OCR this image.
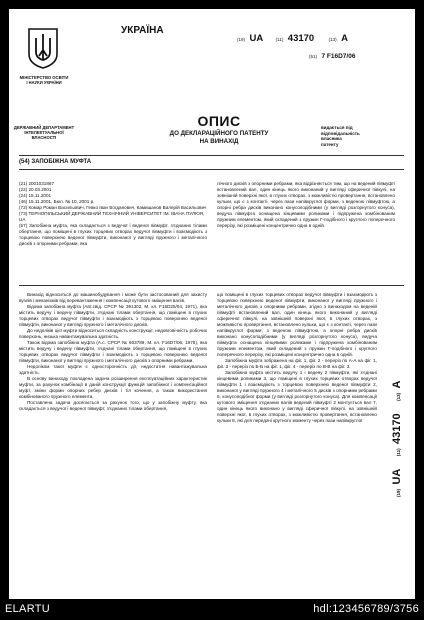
УКРАЇНА
МІНІСТЕРСТВО ОСВІТИ
І НАУКИ УКРАЇНИ
ДЕРЖАВНИЙ ДЕПАРТАМЕНТ
ІНТЕЛЕКТУАЛЬНОЇ
ВЛАСНОСТІ
(19) UA	(11) 43170	(13) A
(51) 7 F16D7/06
ОПИС
ДО ДЕКЛАРАЦІЙНОГО ПАТЕНТУ
НА ВИНАХІД
видається під
відповідальність
власника
патенту
(54) ЗАПОБІЖНА МУФТА
(21) 2001031867
(22) 20.03.2001
(24) 15.11.2001
(46) 15.11.2001, Бюл. № 10, 2001 р.
(72) Комар Роман Васильович, Гевко Іван Богданович, Камишанов Валерій Васильович
(73) ТЕРНОПІЛЬСЬКИЙ ДЕРЖАВНИЙ ТЕХНІЧНИЙ УНІВЕРСИТЕТ ІМ. ІВАНА ПУЛЮЯ, UA
(57) Запобіжна муфта, яка складається з ведучої і веденої півмуфт, з'єднаних тілами обертання, що поміщені в глухих торцевих отворах ведучої півмуфти і взаємодіють з торцевою поверхнею веденої півмуфти, виконаної у вигляді пружного і металічного дисків з опорними ребрами, яка
лічного дисків з опорними ребрами, яка відрізняється тим, що на ведений півмуфті встановлений вал, один кінець якого виконаний у вигляді сферичної півкулі, на зовнішній поверхні якої, в глухих отворах, з можливістю провертання, встановлено кульки, що є з контакті, через пази напівкруглої форми, з веденою півмуфтою, а опорні ребра дисків виконано конусоподібними (у вигляді розгорнутого конуса), ведуча півмуфта оснащена кінцевими роликами і підпружена комбінованим пружним елементом, який складений з пружин Г-подібного і круглого поперечного перерізу, які розміщені концентрично одна в одній.

Винахід відноситься до машинобудування і може бути застосований для захисту вузлів і механізмів від перевантаження і компенсації кутового зміщення валів.

Відома запобіжна муфта (Авт.свід. СРСР № 391302, М. кл. F16D25/04, 1971), яка містить ведучу і ведену півмуфти, з'єднані тілами обертання, що поміщені в глухих торцевих отворах ведучої півмуфти і взаємодіють з торцевою поверхнею веденої півмуфти, виконаної у вигляді пружного і металічного дисків.

До недоліків цієї муфти відноситься складність конструкції, недовговічність робочих поверхонь, низька навантажувальна здатність.

Також відома запобіжна муфта (А.с. СРСР № 603789, М. кл. F16D7/06, 1978), яка містить ведучу і ведену півмуфти, з'єднані тілами обертання, що поміщені в глухих торцевих отворах ведучої півмуфти і взаємодіють з торцевою поверхнею веденої півмуфти, виконаної у вигляді пружного і металічного дисків з опорними ребрами.

Недоліком такої муфти є односторонність дії, недостатня навантажувальна здатність.

В основу винаходу покладена задача розширення експлуатаційних характеристик муфти, за рахунок комбінації в даній конструкції функцій запобіжної і компенсаційної муфт, зміни форми опорних ребер дисків і тіл кочення, а також використання комбінованого пружного елемента.

Поставлена задача досягається за рахунок того, що у запобіжну муфту, яка складається з ведучої і веденої півмуфт, з'єднаних тілами обертання,

що поміщені в глухих торцевих отворах ведучої півмуфти і взаємодіють з торцевою поверхнею веденої півмуфти, виконаної у вигляді пружного і металічного дисків з опорними ребрами, згідно з винаходом на веденій півмуфті встановлений вал, один кінець якого виконаний у вигляді сферичної півкулі, на зовнішній поверхні якої, в глухих отворах, з можливістю провертання, встановлено кульки, що є з контакті, через пази напівкруглої форми, з веденою півмуфтою, а опорні ребра дисків виконано конусоподібними (у вигляді розгорнутого конуса), ведуча півмуфта оснащена кінцевими роликами і підпружена комбінованим пружним елементом, який складений з пружин Г-подібного і круглого поперечного перерізу, які розміщені концентрично одна в одній.

Запобіжна муфта зображена на фіг. 1, фіг. 2 - переріз по А-А на фіг. 1, фіг. 3 - переріз по Б-Б на фіг. 1, фіг. 4 - переріз по В-В на фіг. 3.

Запобіжна муфта містить ведучу 1 і ведену 2 півмуфти, які з'єднані кінцевими роликами 3, що поміщені в глухих торцевих отворах ведучої півмуфти 1 і взаємодіють з торцевою поверхнею веденої півмуфти 2, виконаної у вигляді пружного 4 і металічного 5 дисків з опорними ребрами 6, конусоподібної форми (у вигляді розгорнутого конуса). Для компенсації кутового зміщення з'єднаних валів ведений півмуфті 2 монтується вал 7, один кінець якого виконано у вигляді сферичної півкулі, на зовнішній поверхні якої, в глухих отворах, з можливістю провертання, встановлено кульки 8, які для передачі крутного моменту через пази напівкруглої

(19) UA (11) 43170 (13) A
ELARTU	hdl:123456789/3756
